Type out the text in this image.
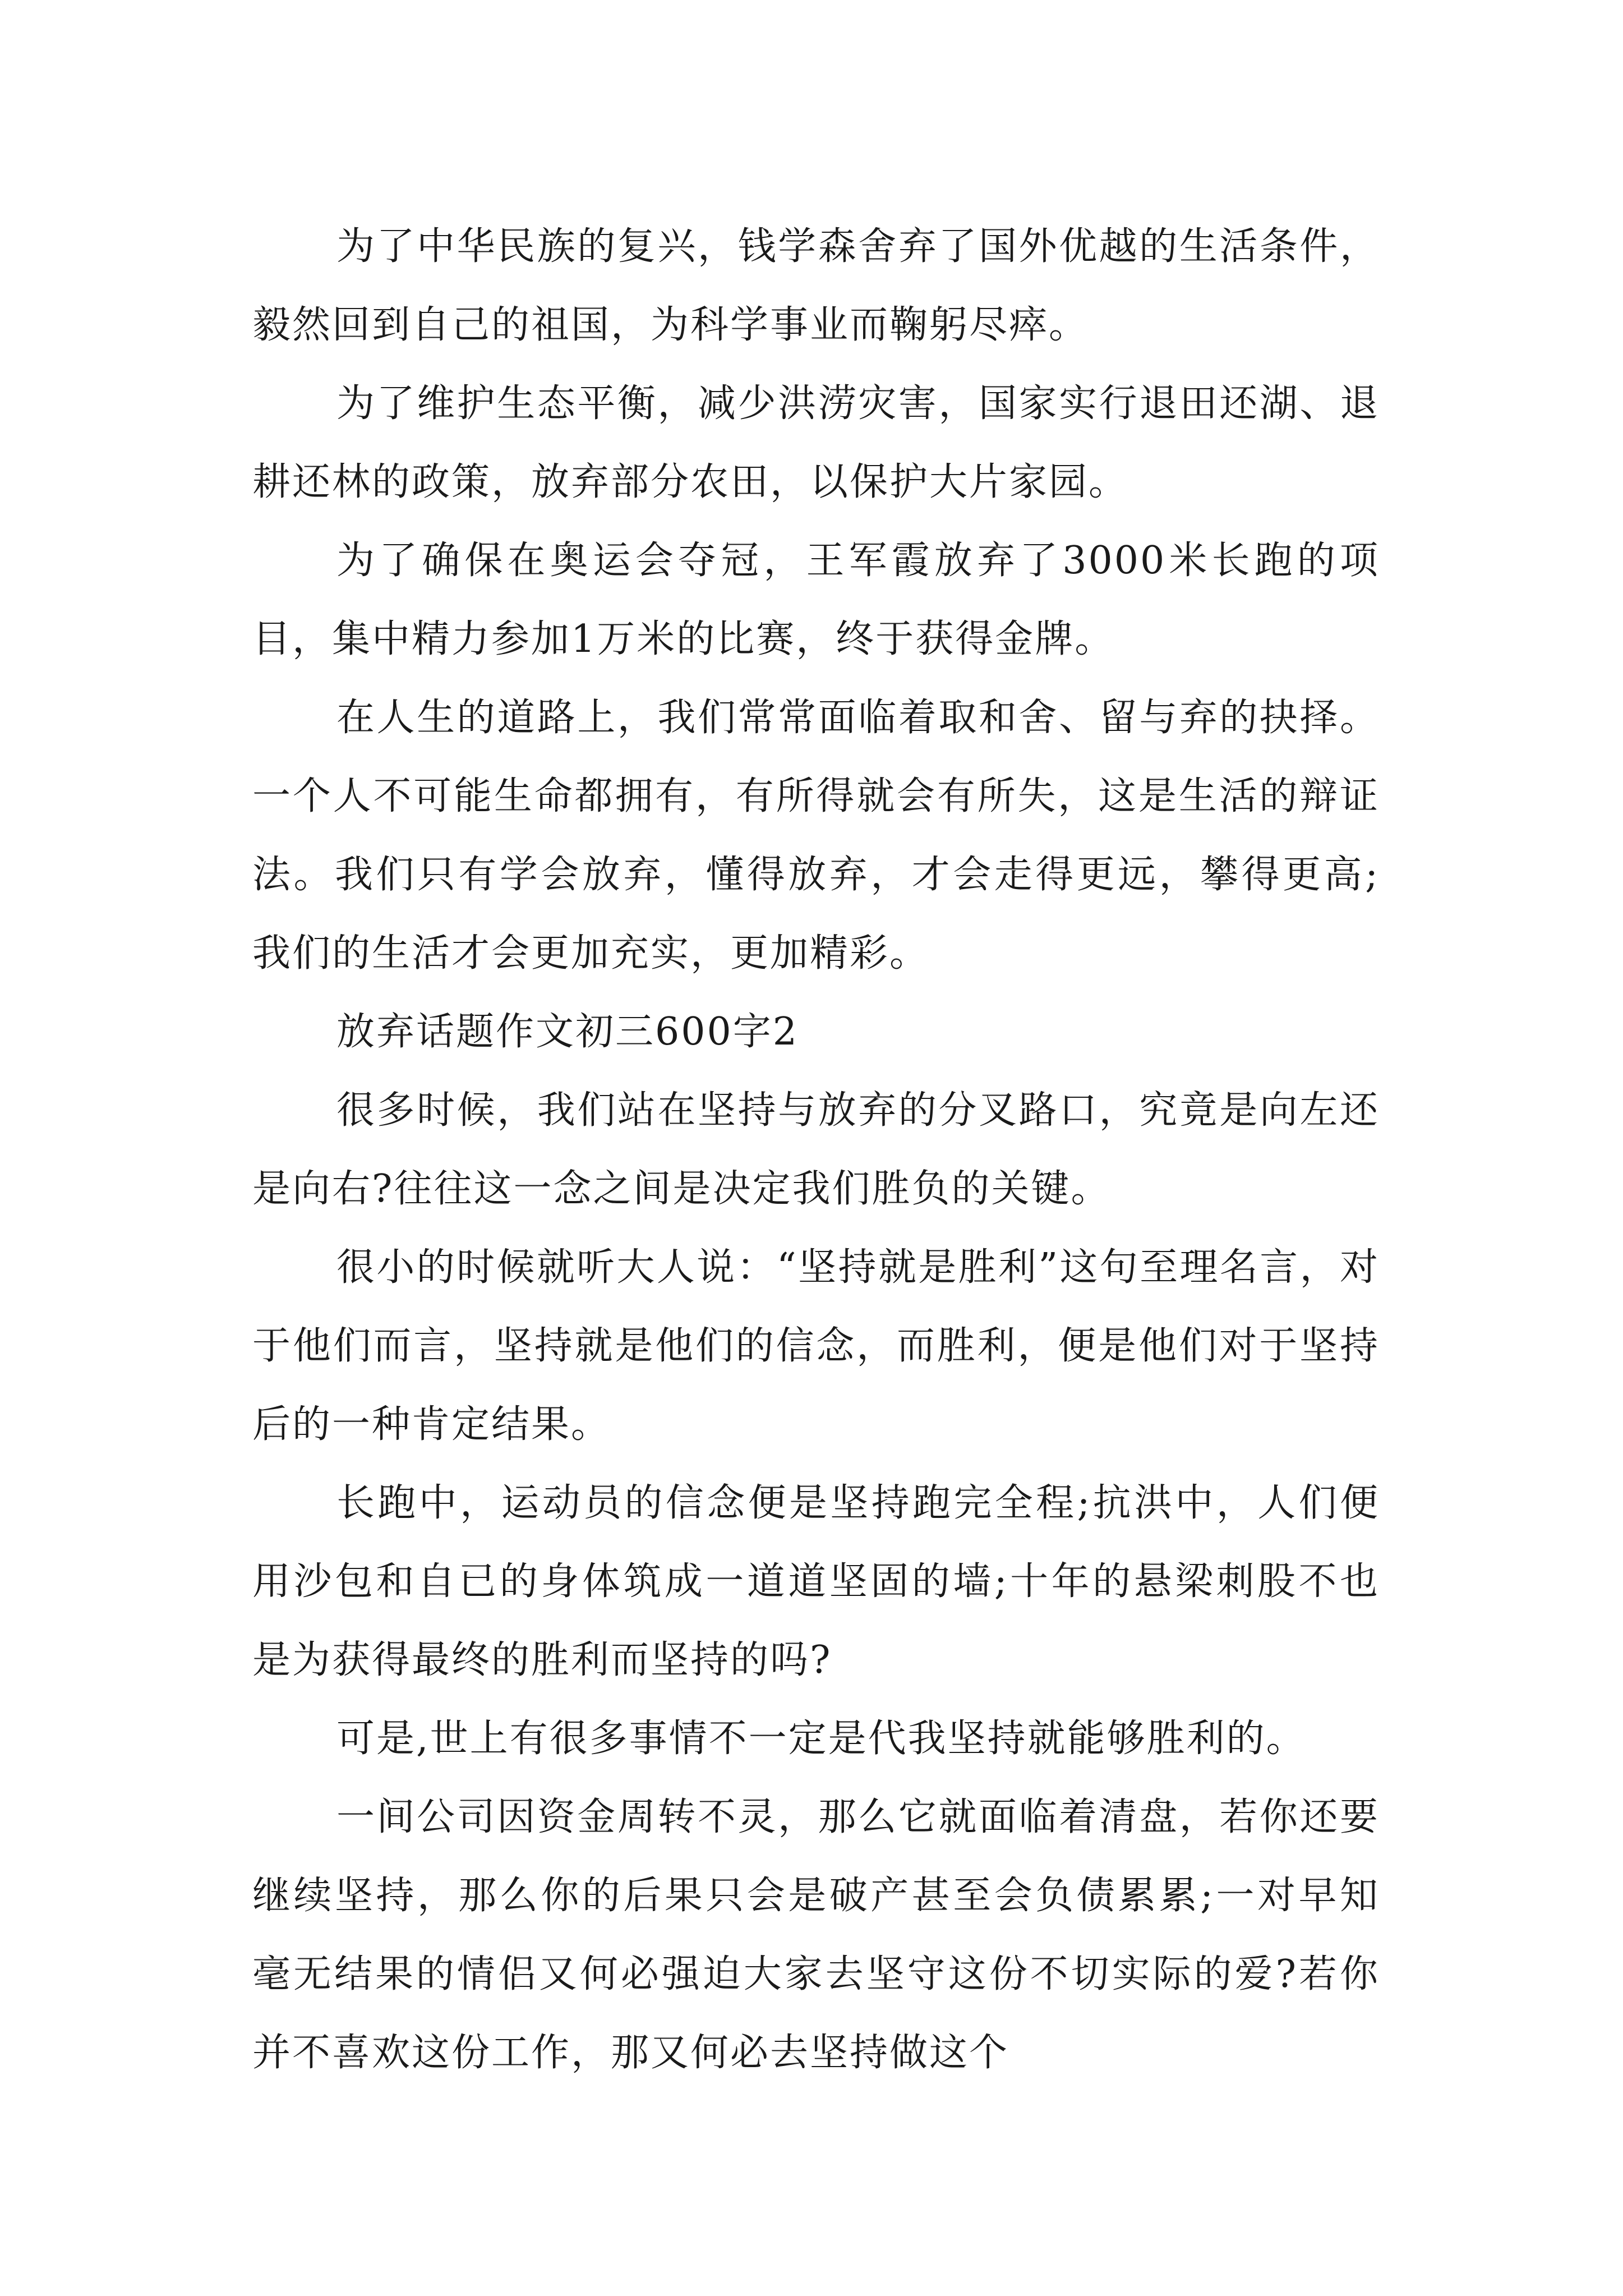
为了中华民族的复兴，钱学森舍弃了国外优越的生活条件，毅然回到自己的祖国，为科学事业而鞠躬尽瘁。

为了维护生态平衡，减少洪涝灾害，国家实行退田还湖、退耕还林的政策，放弃部分农田，以保护大片家园。

为了确保在奥运会夺冠，王军霞放弃了3000米长跑的项目，集中精力参加1万米的比赛，终于获得金牌。

在人生的道路上，我们常常面临着取和舍、留与弃的抉择。一个人不可能生命都拥有，有所得就会有所失，这是生活的辩证法。我们只有学会放弃，懂得放弃，才会走得更远，攀得更高;我们的生活才会更加充实，更加精彩。

放弃话题作文初三600字2

很多时候，我们站在坚持与放弃的分叉路口，究竟是向左还是向右?往往这一念之间是决定我们胜负的关键。

很小的时候就听大人说：“坚持就是胜利”这句至理名言，对于他们而言，坚持就是他们的信念，而胜利，便是他们对于坚持后的一种肯定结果。

长跑中，运动员的信念便是坚持跑完全程;抗洪中，人们便用沙包和自已的身体筑成一道道坚固的墙;十年的悬梁刺股不也是为获得最终的胜利而坚持的吗?

可是,世上有很多事情不一定是代我坚持就能够胜利的。

一间公司因资金周转不灵，那么它就面临着清盘，若你还要继续坚持，那么你的后果只会是破产甚至会负债累累;一对早知毫无结果的情侣又何必强迫大家去坚守这份不切实际的爱?若你并不喜欢这份工作，那又何必去坚持做这个
